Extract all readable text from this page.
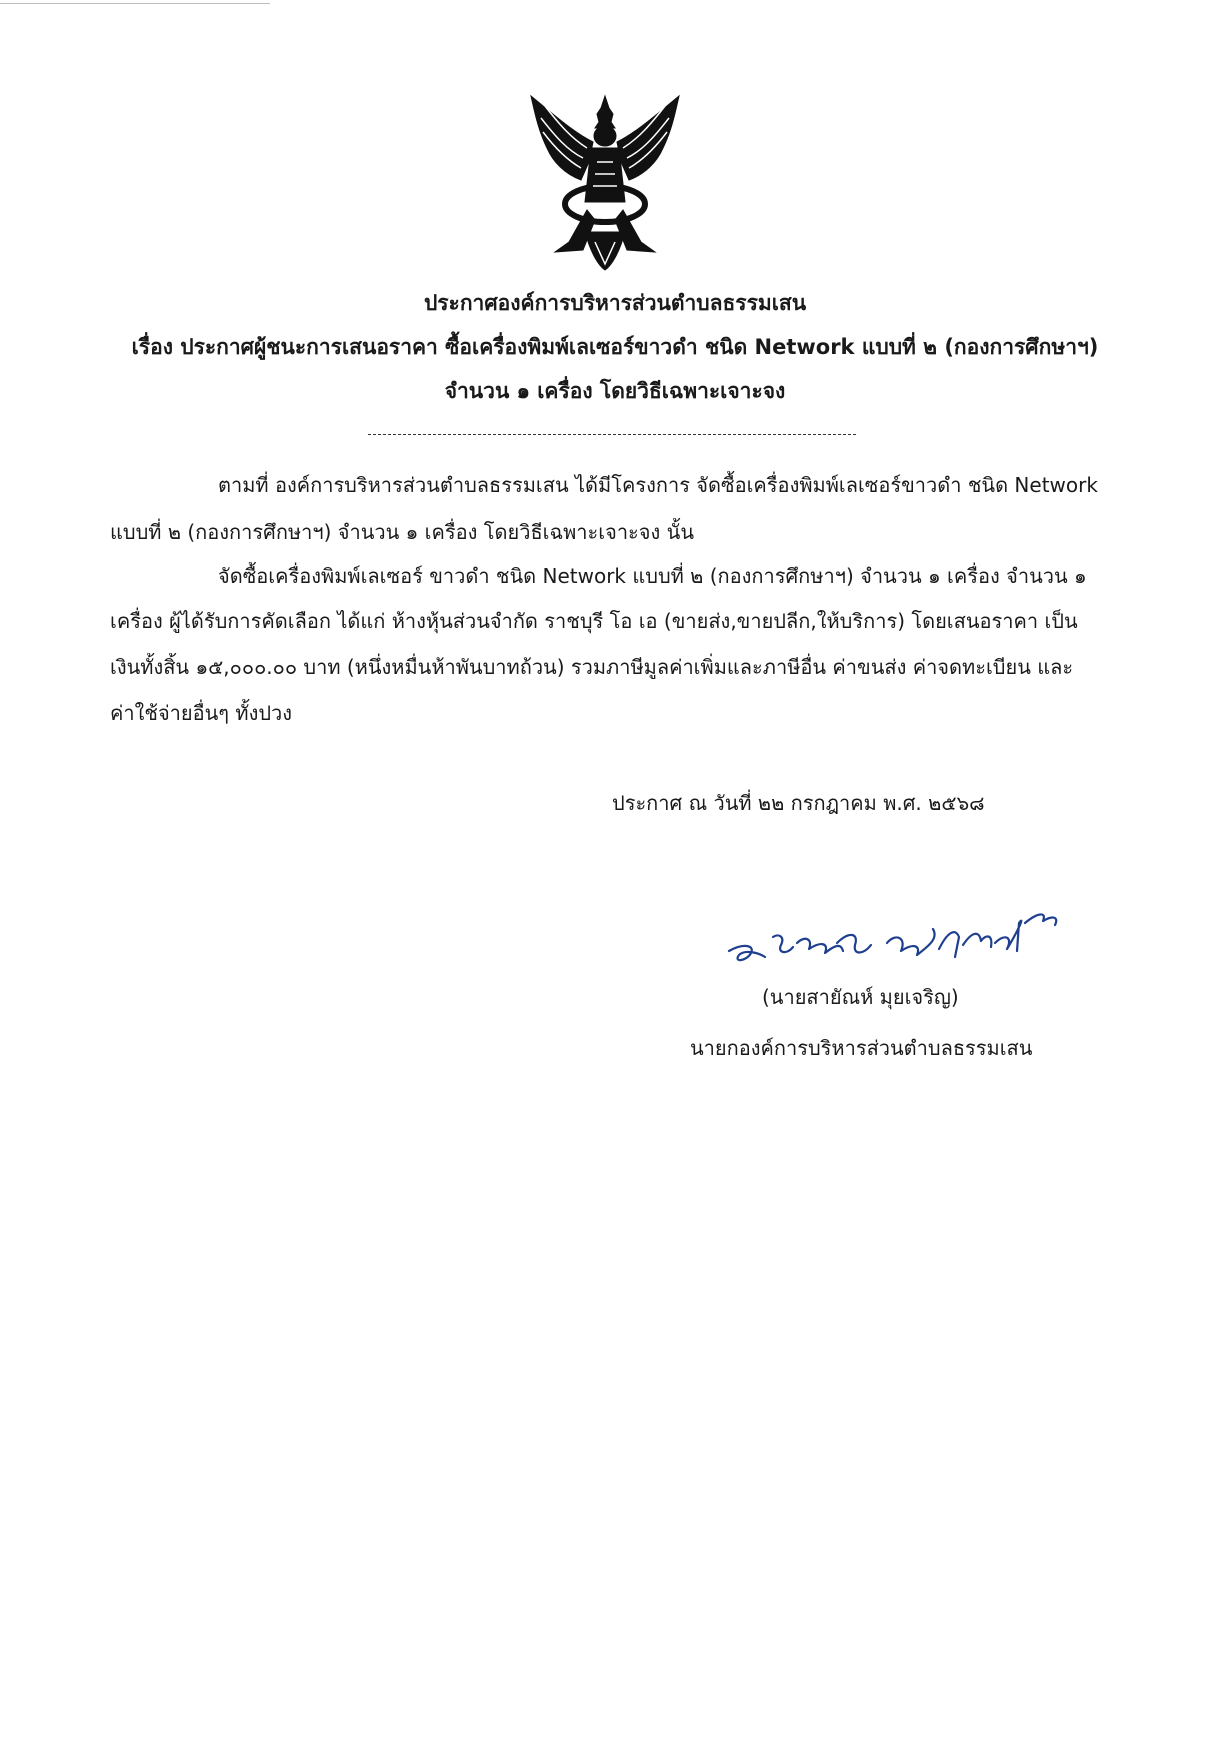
ประกาศองค์การบริหารส่วนตำบลธรรมเสน
เรื่อง ประกาศผู้ชนะการเสนอราคา ซื้อเครื่องพิมพ์เลเซอร์ขาวดำ ชนิด Network แบบที่ ๒ (กองการศึกษาฯ)
จำนวน ๑ เครื่อง โดยวิธีเฉพาะเจาะจง
ตามที่ องค์การบริหารส่วนตำบลธรรมเสน ได้มีโครงการ จัดซื้อเครื่องพิมพ์เลเซอร์ขาวดำ ชนิด Network
แบบที่ ๒ (กองการศึกษาฯ) จำนวน ๑ เครื่อง โดยวิธีเฉพาะเจาะจง นั้น
จัดซื้อเครื่องพิมพ์เลเซอร์ ขาวดำ ชนิด Network แบบที่ ๒ (กองการศึกษาฯ) จำนวน ๑ เครื่อง จำนวน ๑
เครื่อง ผู้ได้รับการคัดเลือก ได้แก่ ห้างหุ้นส่วนจำกัด ราชบุรี โอ เอ (ขายส่ง,ขายปลีก,ให้บริการ) โดยเสนอราคา เป็น
เงินทั้งสิ้น ๑๕,๐๐๐.๐๐ บาท (หนึ่งหมื่นห้าพันบาทถ้วน) รวมภาษีมูลค่าเพิ่มและภาษีอื่น ค่าขนส่ง ค่าจดทะเบียน และ
ค่าใช้จ่ายอื่นๆ ทั้งปวง
ประกาศ ณ วันที่ ๒๒ กรกฎาคม พ.ศ. ๒๕๖๘
(นายสายัณห์ มุยเจริญ)
นายกองค์การบริหารส่วนตำบลธรรมเสน
